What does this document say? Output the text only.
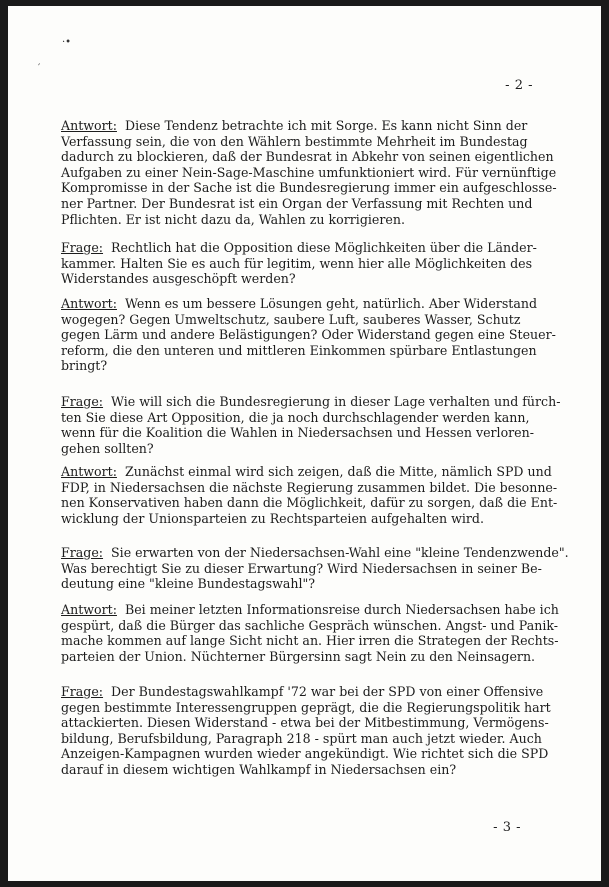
·•
′
- 2 -
Antwort: Diese Tendenz betrachte ich mit Sorge. Es kann nicht Sinn der
Verfassung sein, die von den Wählern bestimmte Mehrheit im Bundestag
dadurch zu blockieren, daß der Bundesrat in Abkehr von seinen eigentlichen
Aufgaben zu einer Nein-Sage-Maschine umfunktioniert wird. Für vernünftige
Kompromisse in der Sache ist die Bundesregierung immer ein aufgeschlosse-
ner Partner. Der Bundesrat ist ein Organ der Verfassung mit Rechten und
Pflichten. Er ist nicht dazu da, Wahlen zu korrigieren.
Frage: Rechtlich hat die Opposition diese Möglichkeiten über die Länder-
kammer. Halten Sie es auch für legitim, wenn hier alle Möglichkeiten des
Widerstandes ausgeschöpft werden?
Antwort: Wenn es um bessere Lösungen geht, natürlich. Aber Widerstand
wogegen? Gegen Umweltschutz, saubere Luft, sauberes Wasser, Schutz
gegen Lärm und andere Belästigungen? Oder Widerstand gegen eine Steuer-
reform, die den unteren und mittleren Einkommen spürbare Entlastungen
bringt?
Frage: Wie will sich die Bundesregierung in dieser Lage verhalten und fürch-
ten Sie diese Art Opposition, die ja noch durchschlagender werden kann,
wenn für die Koalition die Wahlen in Niedersachsen und Hessen verloren-
gehen sollten?
Antwort: Zunächst einmal wird sich zeigen, daß die Mitte, nämlich SPD und
FDP, in Niedersachsen die nächste Regierung zusammen bildet. Die besonne-
nen Konservativen haben dann die Möglichkeit, dafür zu sorgen, daß die Ent-
wicklung der Unionsparteien zu Rechtsparteien aufgehalten wird.
Frage: Sie erwarten von der Niedersachsen-Wahl eine "kleine Tendenzwende".
Was berechtigt Sie zu dieser Erwartung? Wird Niedersachsen in seiner Be-
deutung eine "kleine Bundestagswahl"?
Antwort: Bei meiner letzten Informationsreise durch Niedersachsen habe ich
gespürt, daß die Bürger das sachliche Gespräch wünschen. Angst- und Panik-
mache kommen auf lange Sicht nicht an. Hier irren die Strategen der Rechts-
parteien der Union. Nüchterner Bürgersinn sagt Nein zu den Neinsagern.
Frage: Der Bundestagswahlkampf '72 war bei der SPD von einer Offensive
gegen bestimmte Interessengruppen geprägt, die die Regierungspolitik hart
attackierten. Diesen Widerstand - etwa bei der Mitbestimmung, Vermögens-
bildung, Berufsbildung, Paragraph 218 - spürt man auch jetzt wieder. Auch
Anzeigen-Kampagnen wurden wieder angekündigt. Wie richtet sich die SPD
darauf in diesem wichtigen Wahlkampf in Niedersachsen ein?
- 3 -
